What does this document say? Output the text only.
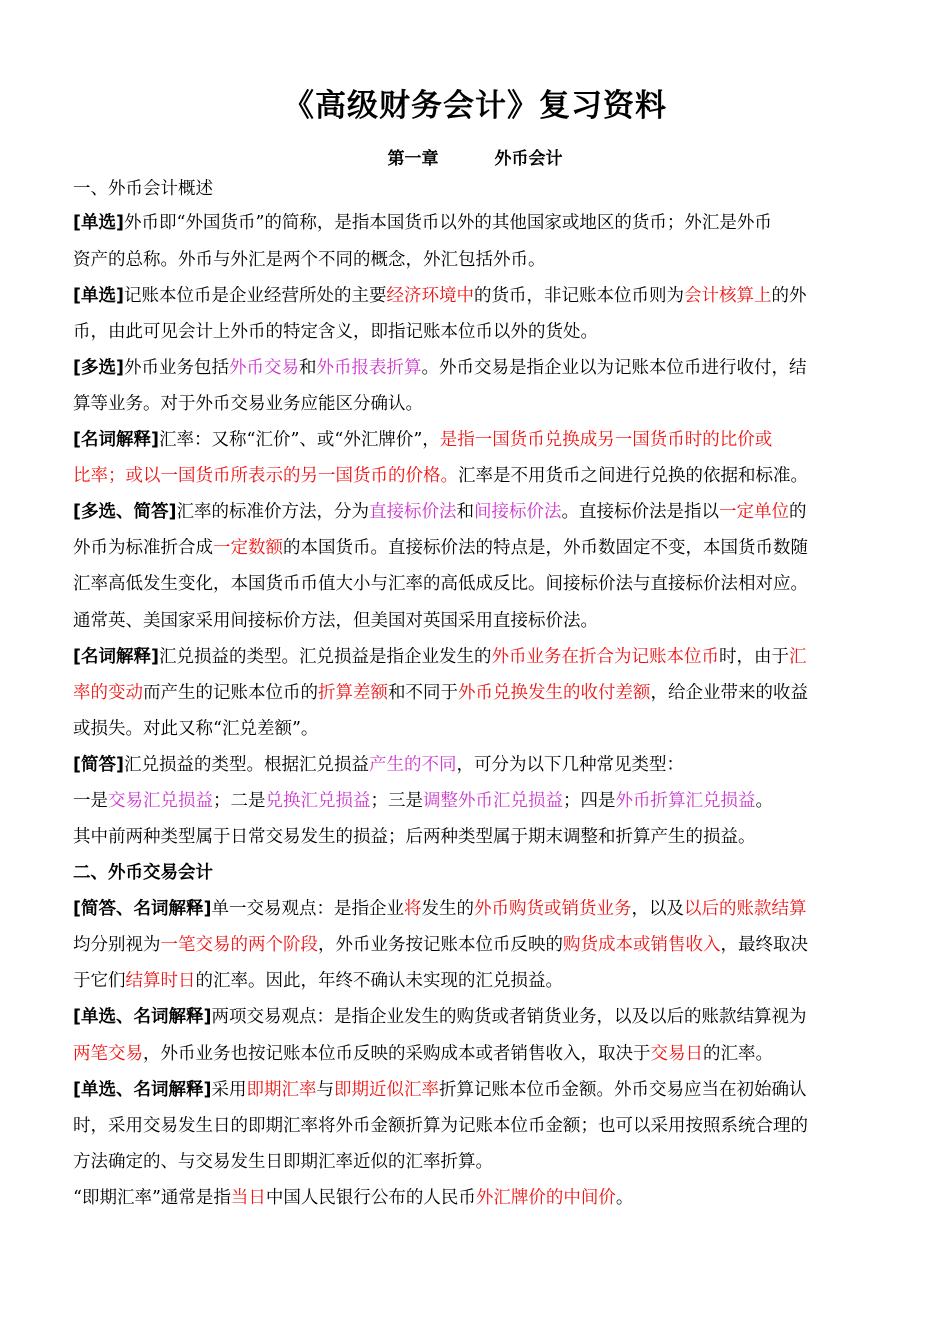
《高级财务会计》复习资料
第一章	外币会计
一、外币会计概述
[单选]外币即“外国货币”的简称，是指本国货币以外的其他国家或地区的货币；外汇是外币
资产的总称。外币与外汇是两个不同的概念，外汇包括外币。
[单选]记账本位币是企业经营所处的主要经济环境中的货币，非记账本位币则为会计核算上的外
币，由此可见会计上外币的特定含义，即指记账本位币以外的货处。
[多选]外币业务包括外币交易和外币报表折算。外币交易是指企业以为记账本位币进行收付，结
算等业务。对于外币交易业务应能区分确认。
[名词解释]汇率：又称“汇价”、或“外汇牌价”，是指一国货币兑换成另一国货币时的比价或
比率；或以一国货币所表示的另一国货币的价格。汇率是不用货币之间进行兑换的依据和标准。
[多选、简答]汇率的标准价方法，分为直接标价法和间接标价法。直接标价法是指以一定单位的
外币为标准折合成一定数额的本国货币。直接标价法的特点是，外币数固定不变，本国货币数随
汇率高低发生变化，本国货币币值大小与汇率的高低成反比。间接标价法与直接标价法相对应。
通常英、美国家采用间接标价方法，但美国对英国采用直接标价法。
[名词解释]汇兑损益的类型。汇兑损益是指企业发生的外币业务在折合为记账本位币时，由于汇
率的变动而产生的记账本位币的折算差额和不同于外币兑换发生的收付差额，给企业带来的收益
或损失。对此又称“汇兑差额”。
[简答]汇兑损益的类型。根据汇兑损益产生的不同，可分为以下几种常见类型：
一是交易汇兑损益；二是兑换汇兑损益；三是调整外币汇兑损益；四是外币折算汇兑损益。
其中前两种类型属于日常交易发生的损益；后两种类型属于期末调整和折算产生的损益。
二、外币交易会计
[简答、名词解释]单一交易观点：是指企业将发生的外币购货或销货业务，以及以后的账款结算
均分别视为一笔交易的两个阶段，外币业务按记账本位币反映的购货成本或销售收入，最终取决
于它们结算时日的汇率。因此，年终不确认未实现的汇兑损益。
[单选、名词解释]两项交易观点：是指企业发生的购货或者销货业务，以及以后的账款结算视为
两笔交易，外币业务也按记账本位币反映的采购成本或者销售收入，取决于交易日的汇率。
[单选、名词解释]采用即期汇率与即期近似汇率折算记账本位币金额。外币交易应当在初始确认
时，采用交易发生日的即期汇率将外币金额折算为记账本位币金额；也可以采用按照系统合理的
方法确定的、与交易发生日即期汇率近似的汇率折算。
“即期汇率”通常是指当日中国人民银行公布的人民币外汇牌价的中间价。
